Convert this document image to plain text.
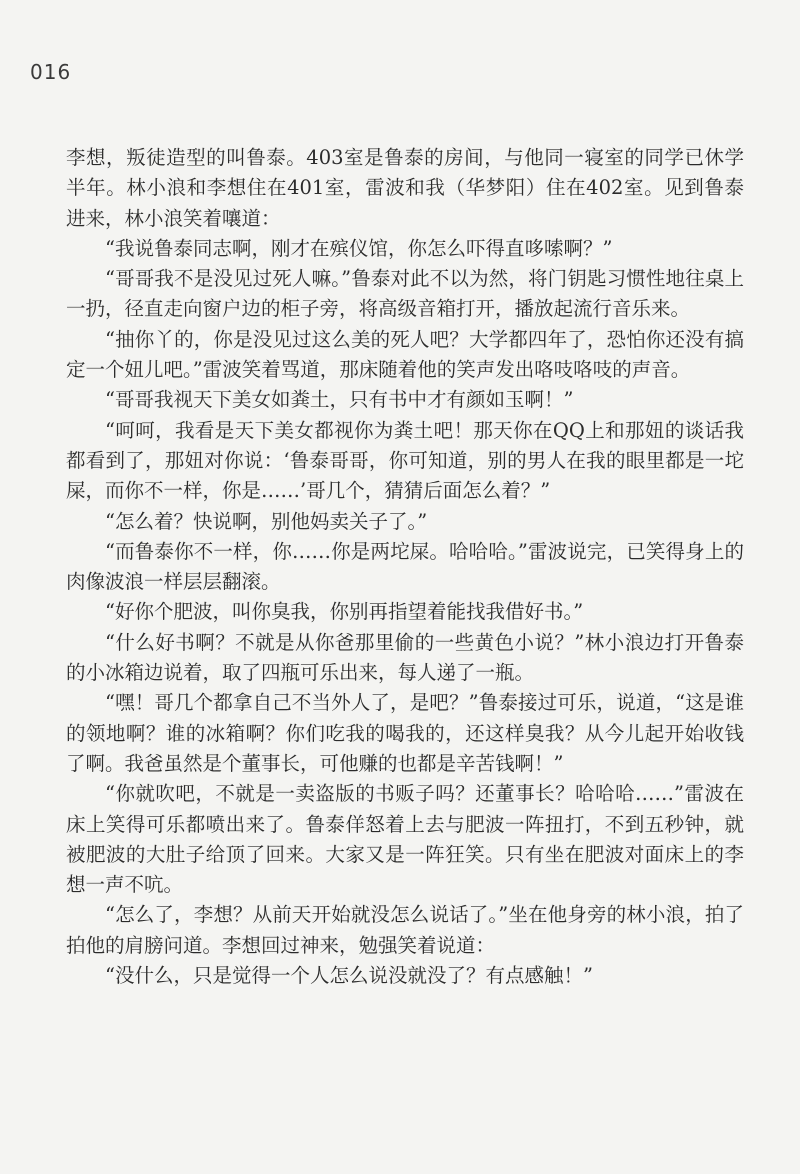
016

李想，叛徒造型的叫鲁泰。403室是鲁泰的房间，与他同一寝室的同学已休学半年。林小浪和李想住在401室，雷波和我（华梦阳）住在402室。见到鲁泰进来，林小浪笑着嚷道：

“我说鲁泰同志啊，刚才在殡仪馆，你怎么吓得直哆嗦啊？”

“哥哥我不是没见过死人嘛。”鲁泰对此不以为然，将门钥匙习惯性地往桌上一扔，径直走向窗户边的柜子旁，将高级音箱打开，播放起流行音乐来。

“抽你丫的，你是没见过这么美的死人吧？大学都四年了，恐怕你还没有搞定一个妞儿吧。”雷波笑着骂道，那床随着他的笑声发出咯吱咯吱的声音。

“哥哥我视天下美女如粪土，只有书中才有颜如玉啊！”

“呵呵，我看是天下美女都视你为粪土吧！那天你在QQ上和那妞的谈话我都看到了，那妞对你说：‘鲁泰哥哥，你可知道，别的男人在我的眼里都是一坨屎，而你不一样，你是……’哥几个，猜猜后面怎么着？”

“怎么着？快说啊，别他妈卖关子了。”

“而鲁泰你不一样，你……你是两坨屎。哈哈哈。”雷波说完，已笑得身上的肉像波浪一样层层翻滚。

“好你个肥波，叫你臭我，你别再指望着能找我借好书。”

“什么好书啊？不就是从你爸那里偷的一些黄色小说？”林小浪边打开鲁泰的小冰箱边说着，取了四瓶可乐出来，每人递了一瓶。

“嘿！哥几个都拿自己不当外人了，是吧？”鲁泰接过可乐，说道，“这是谁的领地啊？谁的冰箱啊？你们吃我的喝我的，还这样臭我？从今儿起开始收钱了啊。我爸虽然是个董事长，可他赚的也都是辛苦钱啊！”

“你就吹吧，不就是一卖盗版的书贩子吗？还董事长？哈哈哈……”雷波在床上笑得可乐都喷出来了。鲁泰佯怒着上去与肥波一阵扭打，不到五秒钟，就被肥波的大肚子给顶了回来。大家又是一阵狂笑。只有坐在肥波对面床上的李想一声不吭。

“怎么了，李想？从前天开始就没怎么说话了。”坐在他身旁的林小浪，拍了拍他的肩膀问道。李想回过神来，勉强笑着说道：

“没什么，只是觉得一个人怎么说没就没了？有点感触！”
